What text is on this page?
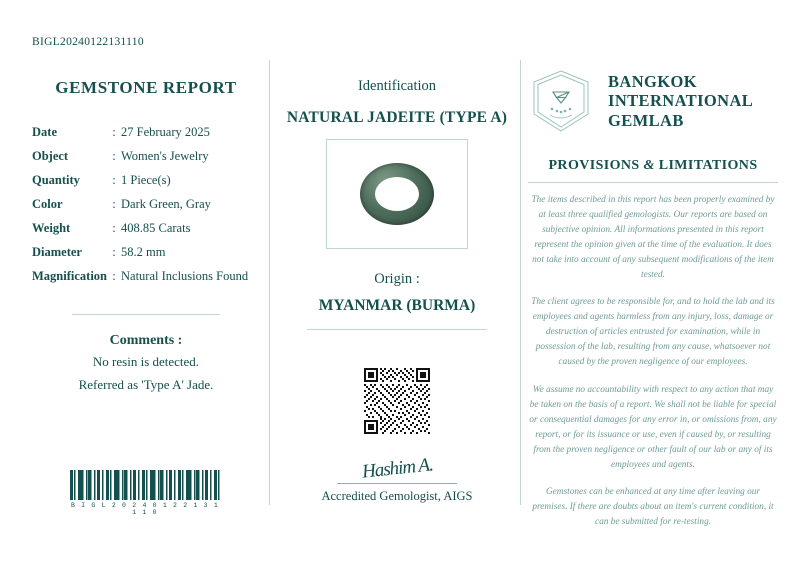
BIGL20240122131110
GEMSTONE REPORT
Date	:	27 February 2025
Object	:	Women's Jewelry
Quantity	:	1 Piece(s)
Color	:	Dark Green, Gray
Weight	:	408.85 Carats
Diameter	:	58.2 mm
Magnification	:	Natural Inclusions Found
Comments :
No resin is detected.
Referred as 'Type A' Jade.
B I G L 2 0 2 4 0 1 2 2 1 3 1 1 1 0
Identification
NATURAL JADEITE (TYPE A)
Origin :
MYANMAR (BURMA)
Hashim A.
Accredited Gemologist, AIGS
BANGKOK
INTERNATIONAL
GEMLAB
PROVISIONS & LIMITATIONS

The items described in this report has been properly examined by at least three qualified gemologists. Our reports are based on subjective opinion. All informations presented in this report represent the opinion given at the time of the evaluation. It does not take into account of any subsequent modifications of the item tested.

The client agrees to be responsible for, and to hold the lab and its employees and agents harmless from any injury, loss, damage or destruction of articles entrusted for examination, while in possession of the lab, resulting from any cause, whatsoever not caused by the proven negligence of our employees.

We assume no accountability with respect to any action that may be taken on the basis of a report. We shall not be liable for special or consequential damages for any error in, or omissions from, any report, or for its issuance or use, even if caused by, or resulting from the proven negligence or other fault of our lab or any of its employees and agents.

Gemstones can be enhanced at any time after leaving our premises. If there are doubts about an item's current condition, it can be submitted for re-testing.
